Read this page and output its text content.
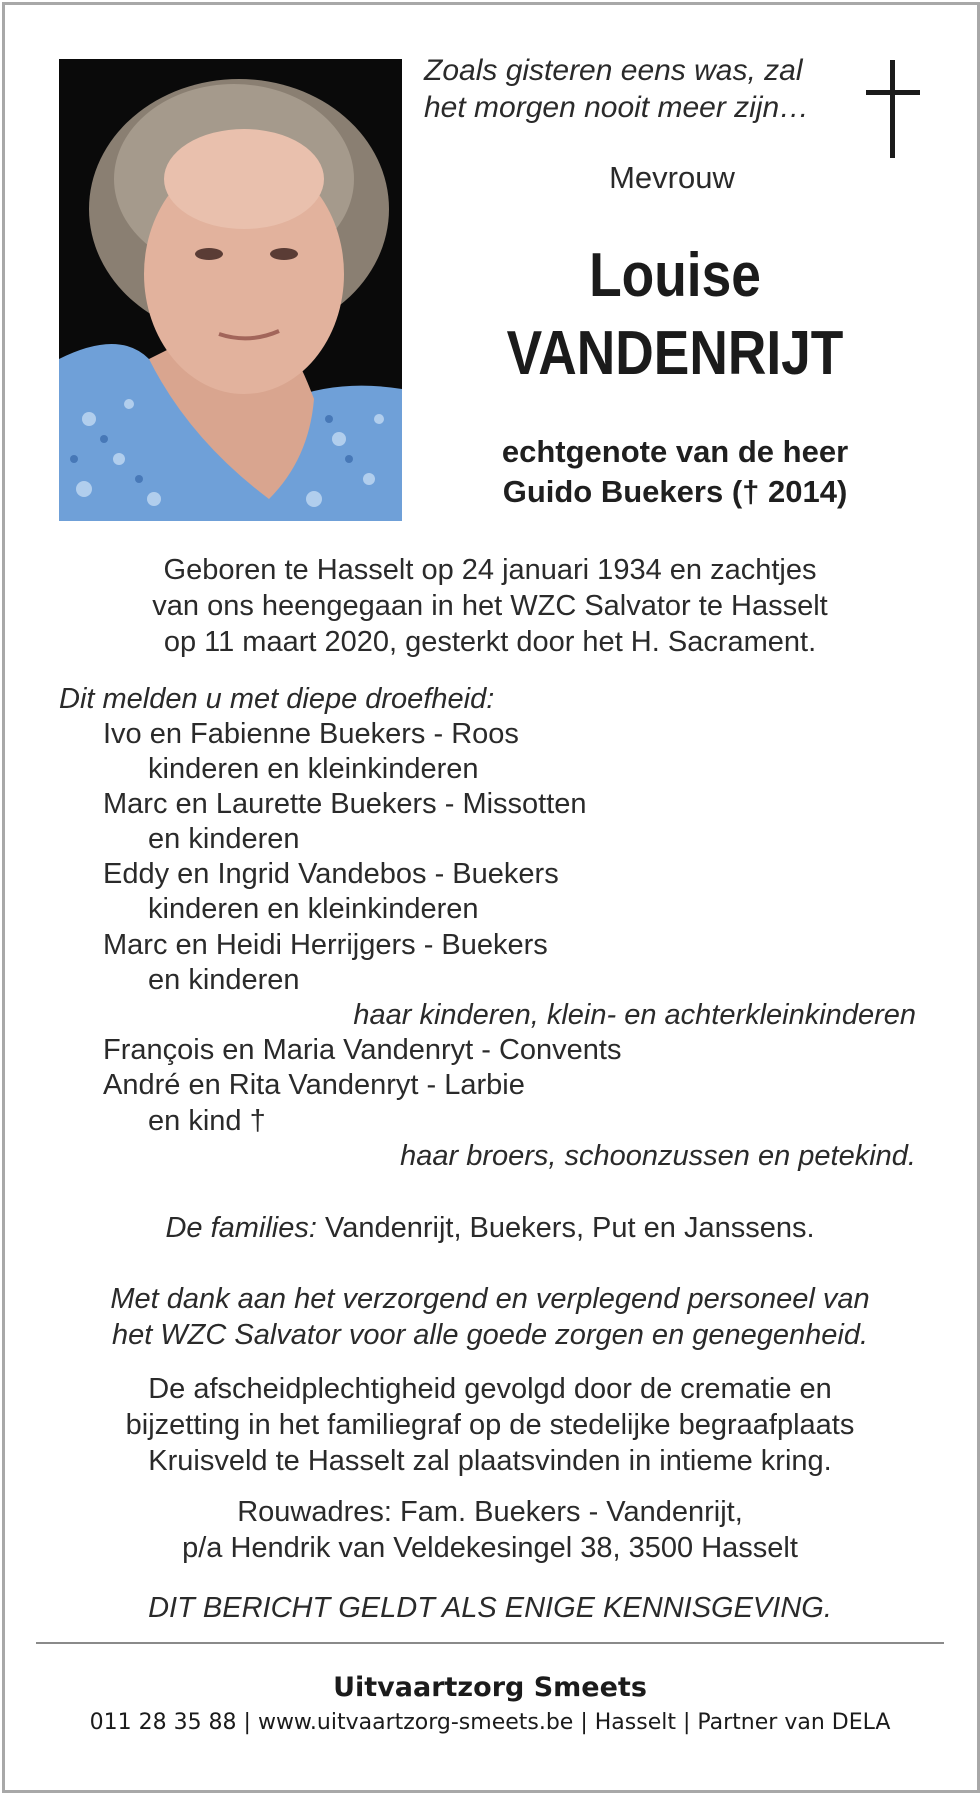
Zoals gisteren eens was, zal
het morgen nooit meer zijn…
Mevrouw
Louise
VANDENRIJT
echtgenote van de heer
Guido Buekers († 2014)
Geboren te Hasselt op 24 januari 1934 en zachtjes
van ons heengegaan in het WZC Salvator te Hasselt
op 11 maart 2020, gesterkt door het H. Sacrament.
Dit melden u met diepe droefheid:
Ivo en Fabienne Buekers - Roos
kinderen en kleinkinderen
Marc en Laurette Buekers - Missotten
en kinderen
Eddy en Ingrid Vandebos - Buekers
kinderen en kleinkinderen
Marc en Heidi Herrijgers - Buekers
en kinderen
haar kinderen, klein- en achterkleinkinderen
François en Maria Vandenryt - Convents
André en Rita Vandenryt - Larbie
en kind †
haar broers, schoonzussen en petekind.
De families: Vandenrijt, Buekers, Put en Janssens.
Met dank aan het verzorgend en verplegend personeel van
het WZC Salvator voor alle goede zorgen en genegenheid.
De afscheidplechtigheid gevolgd door de crematie en
bijzetting in het familiegraf op de stedelijke begraafplaats
Kruisveld te Hasselt zal plaatsvinden in intieme kring.
Rouwadres: Fam. Buekers - Vandenrijt,
p/a Hendrik van Veldekesingel 38, 3500 Hasselt
DIT BERICHT GELDT ALS ENIGE KENNISGEVING.
Uitvaartzorg Smeets
011 28 35 88 | www.uitvaartzorg-smeets.be | Hasselt | Partner van DELA
